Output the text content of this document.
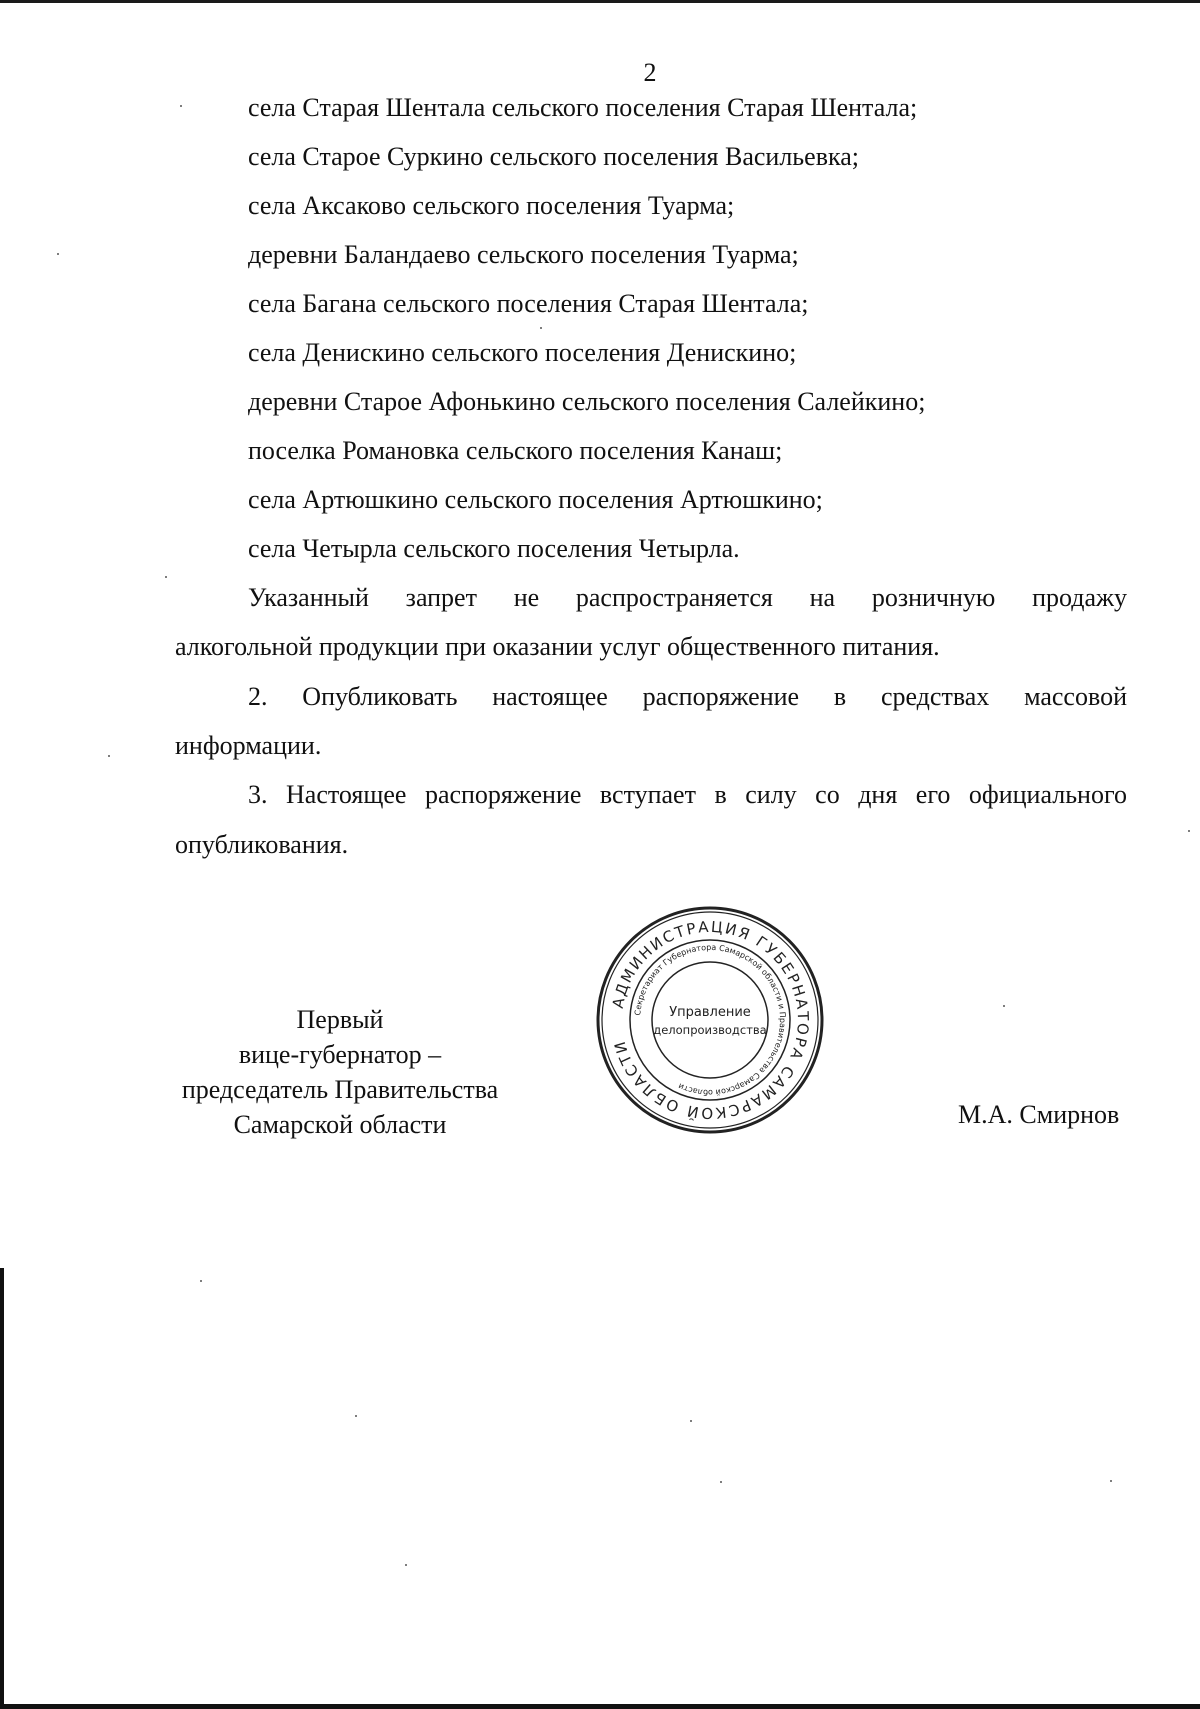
2
села Старая Шентала сельского поселения Старая Шентала;
села Старое Суркино сельского поселения Васильевка;
села Аксаково сельского поселения Туарма;
деревни Баландаево сельского поселения Туарма;
села Багана сельского поселения Старая Шентала;
села Денискино сельского поселения Денискино;
деревни Старое Афонькино сельского поселения Салейкино;
поселка Романовка сельского поселения Канаш;
села Артюшкино сельского поселения Артюшкино;
села Четырла сельского поселения Четырла.
Указанный запрет не распространяется на розничную продажу
алкогольной продукции при оказании услуг общественного питания.
2. Опубликовать настоящее распоряжение в средствах массовой
информации.
3. Настоящее распоряжение вступает в силу со дня его официального
опубликования.
Первый
вице-губернатор –
председатель Правительства
Самарской области	М.А. Смирнов
АДМИНИСТРАЦИЯ ГУБЕРНАТОРА САМАРСКОЙ ОБЛАСТИ
Секретариат Губернатора Самарской области и Правительства Самарской области
Управление
делопроизводства
